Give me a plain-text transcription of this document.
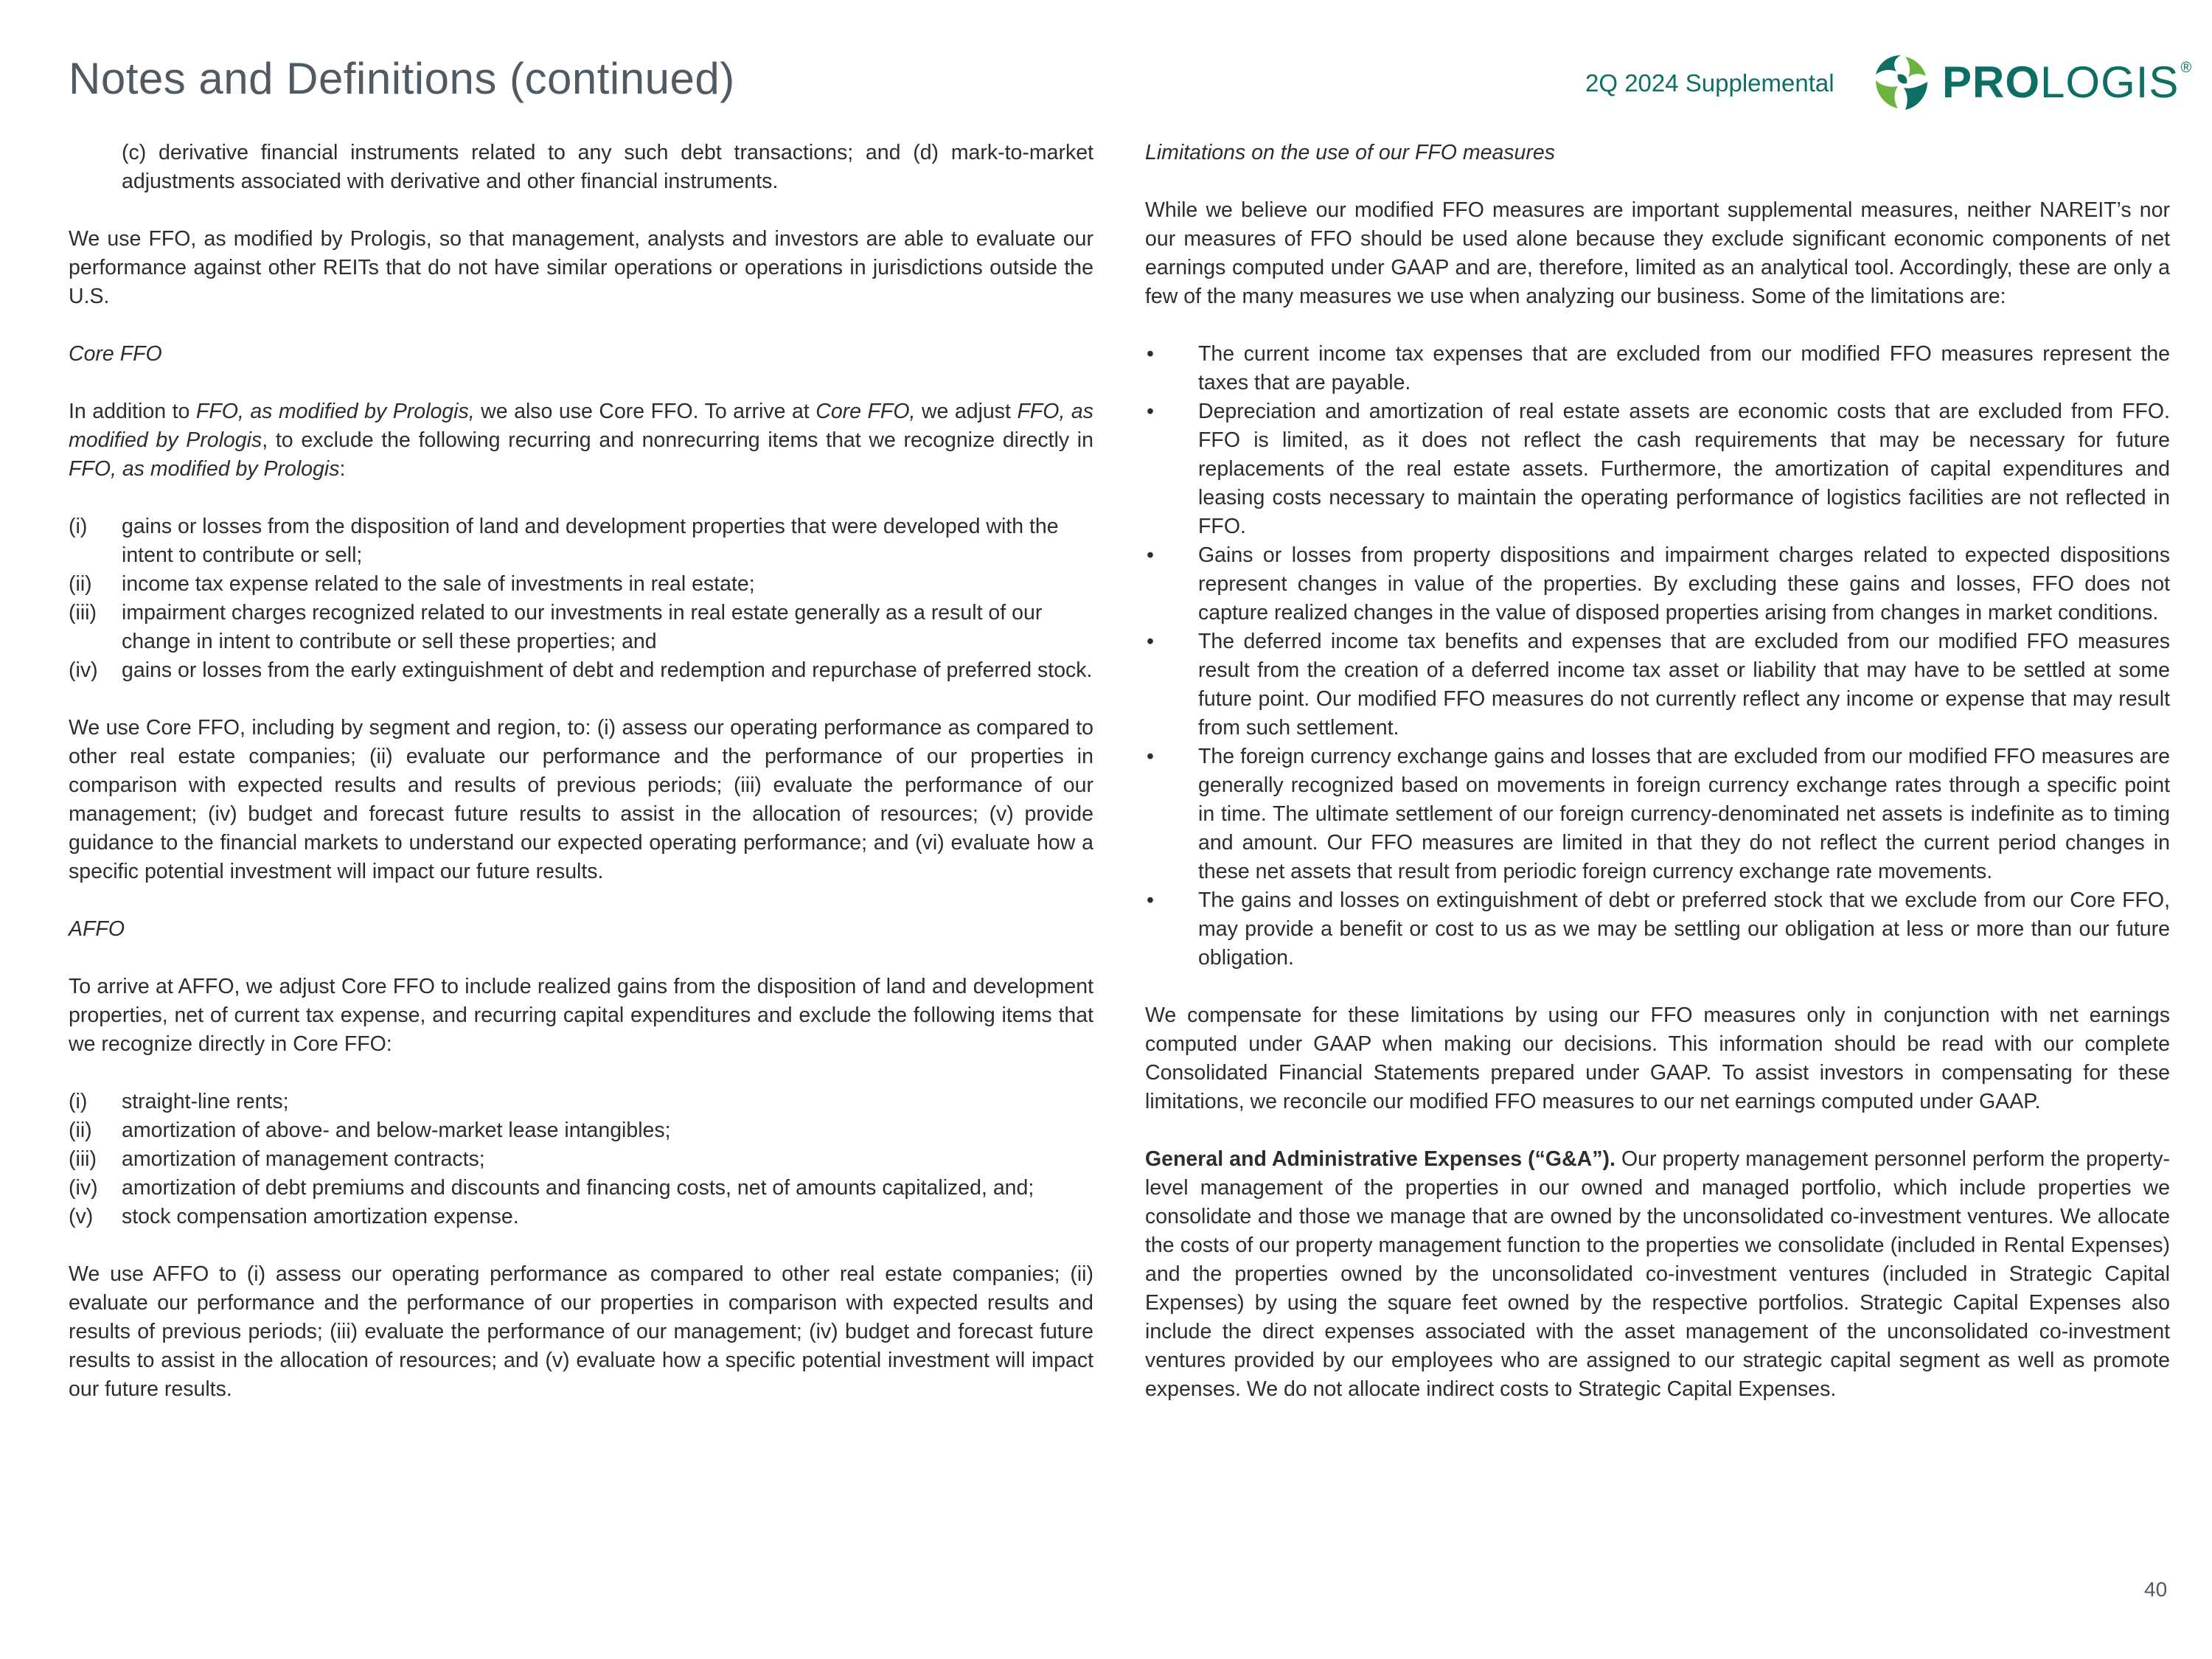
Notes and Definitions (continued)	2Q 2024 Supplemental PROLOGIS ®

(c) derivative financial instruments related to any such debt transactions; and (d) mark-to-market adjustments associated with derivative and other financial instruments.

We use FFO, as modified by Prologis, so that management, analysts and investors are able to evaluate our performance against other REITs that do not have similar operations or operations in jurisdictions outside the U.S.

Core FFO

In addition to FFO, as modified by Prologis, we also use Core FFO. To arrive at Core FFO, we adjust FFO, as modified by Prologis, to exclude the following recurring and nonrecurring items that we recognize directly in FFO, as modified by Prologis:

(i) gains or losses from the disposition of land and development properties that were developed with the intent to contribute or sell;
(ii) income tax expense related to the sale of investments in real estate;
(iii) impairment charges recognized related to our investments in real estate generally as a result of our change in intent to contribute or sell these properties; and
(iv) gains or losses from the early extinguishment of debt and redemption and repurchase of preferred stock.

We use Core FFO, including by segment and region, to: (i) assess our operating performance as compared to other real estate companies; (ii) evaluate our performance and the performance of our properties in comparison with expected results and results of previous periods; (iii) evaluate the performance of our management; (iv) budget and forecast future results to assist in the allocation of resources; (v) provide guidance to the financial markets to understand our expected operating performance; and (vi) evaluate how a specific potential investment will impact our future results.

AFFO

To arrive at AFFO, we adjust Core FFO to include realized gains from the disposition of land and development properties, net of current tax expense, and recurring capital expenditures and exclude the following items that we recognize directly in Core FFO:

(i) straight-line rents;
(ii) amortization of above- and below-market lease intangibles;
(iii) amortization of management contracts;
(iv) amortization of debt premiums and discounts and financing costs, net of amounts capitalized, and;
(v) stock compensation amortization expense.

We use AFFO to (i) assess our operating performance as compared to other real estate companies; (ii) evaluate our performance and the performance of our properties in comparison with expected results and results of previous periods; (iii) evaluate the performance of our management; (iv) budget and forecast future results to assist in the allocation of resources; and (v) evaluate how a specific potential investment will impact our future results.

Limitations on the use of our FFO measures

While we believe our modified FFO measures are important supplemental measures, neither NAREIT’s nor our measures of FFO should be used alone because they exclude significant economic components of net earnings computed under GAAP and are, therefore, limited as an analytical tool. Accordingly, these are only a few of the many measures we use when analyzing our business. Some of the limitations are:

• The current income tax expenses that are excluded from our modified FFO measures represent the taxes that are payable.
• Depreciation and amortization of real estate assets are economic costs that are excluded from FFO. FFO is limited, as it does not reflect the cash requirements that may be necessary for future replacements of the real estate assets. Furthermore, the amortization of capital expenditures and leasing costs necessary to maintain the operating performance of logistics facilities are not reflected in FFO.
• Gains or losses from property dispositions and impairment charges related to expected dispositions represent changes in value of the properties. By excluding these gains and losses, FFO does not capture realized changes in the value of disposed properties arising from changes in market conditions.
• The deferred income tax benefits and expenses that are excluded from our modified FFO measures result from the creation of a deferred income tax asset or liability that may have to be settled at some future point. Our modified FFO measures do not currently reflect any income or expense that may result from such settlement.
• The foreign currency exchange gains and losses that are excluded from our modified FFO measures are generally recognized based on movements in foreign currency exchange rates through a specific point in time. The ultimate settlement of our foreign currency-denominated net assets is indefinite as to timing and amount. Our FFO measures are limited in that they do not reflect the current period changes in these net assets that result from periodic foreign currency exchange rate movements.
• The gains and losses on extinguishment of debt or preferred stock that we exclude from our Core FFO, may provide a benefit or cost to us as we may be settling our obligation at less or more than our future obligation.

We compensate for these limitations by using our FFO measures only in conjunction with net earnings computed under GAAP when making our decisions. This information should be read with our complete Consolidated Financial Statements prepared under GAAP. To assist investors in compensating for these limitations, we reconcile our modified FFO measures to our net earnings computed under GAAP.

General and Administrative Expenses (“G&A”). Our property management personnel perform the property-level management of the properties in our owned and managed portfolio, which include properties we consolidate and those we manage that are owned by the unconsolidated co-investment ventures. We allocate the costs of our property management function to the properties we consolidate (included in Rental Expenses) and the properties owned by the unconsolidated co-investment ventures (included in Strategic Capital Expenses) by using the square feet owned by the respective portfolios. Strategic Capital Expenses also include the direct expenses associated with the asset management of the unconsolidated co-investment ventures provided by our employees who are assigned to our strategic capital segment as well as promote expenses. We do not allocate indirect costs to Strategic Capital Expenses.

40
